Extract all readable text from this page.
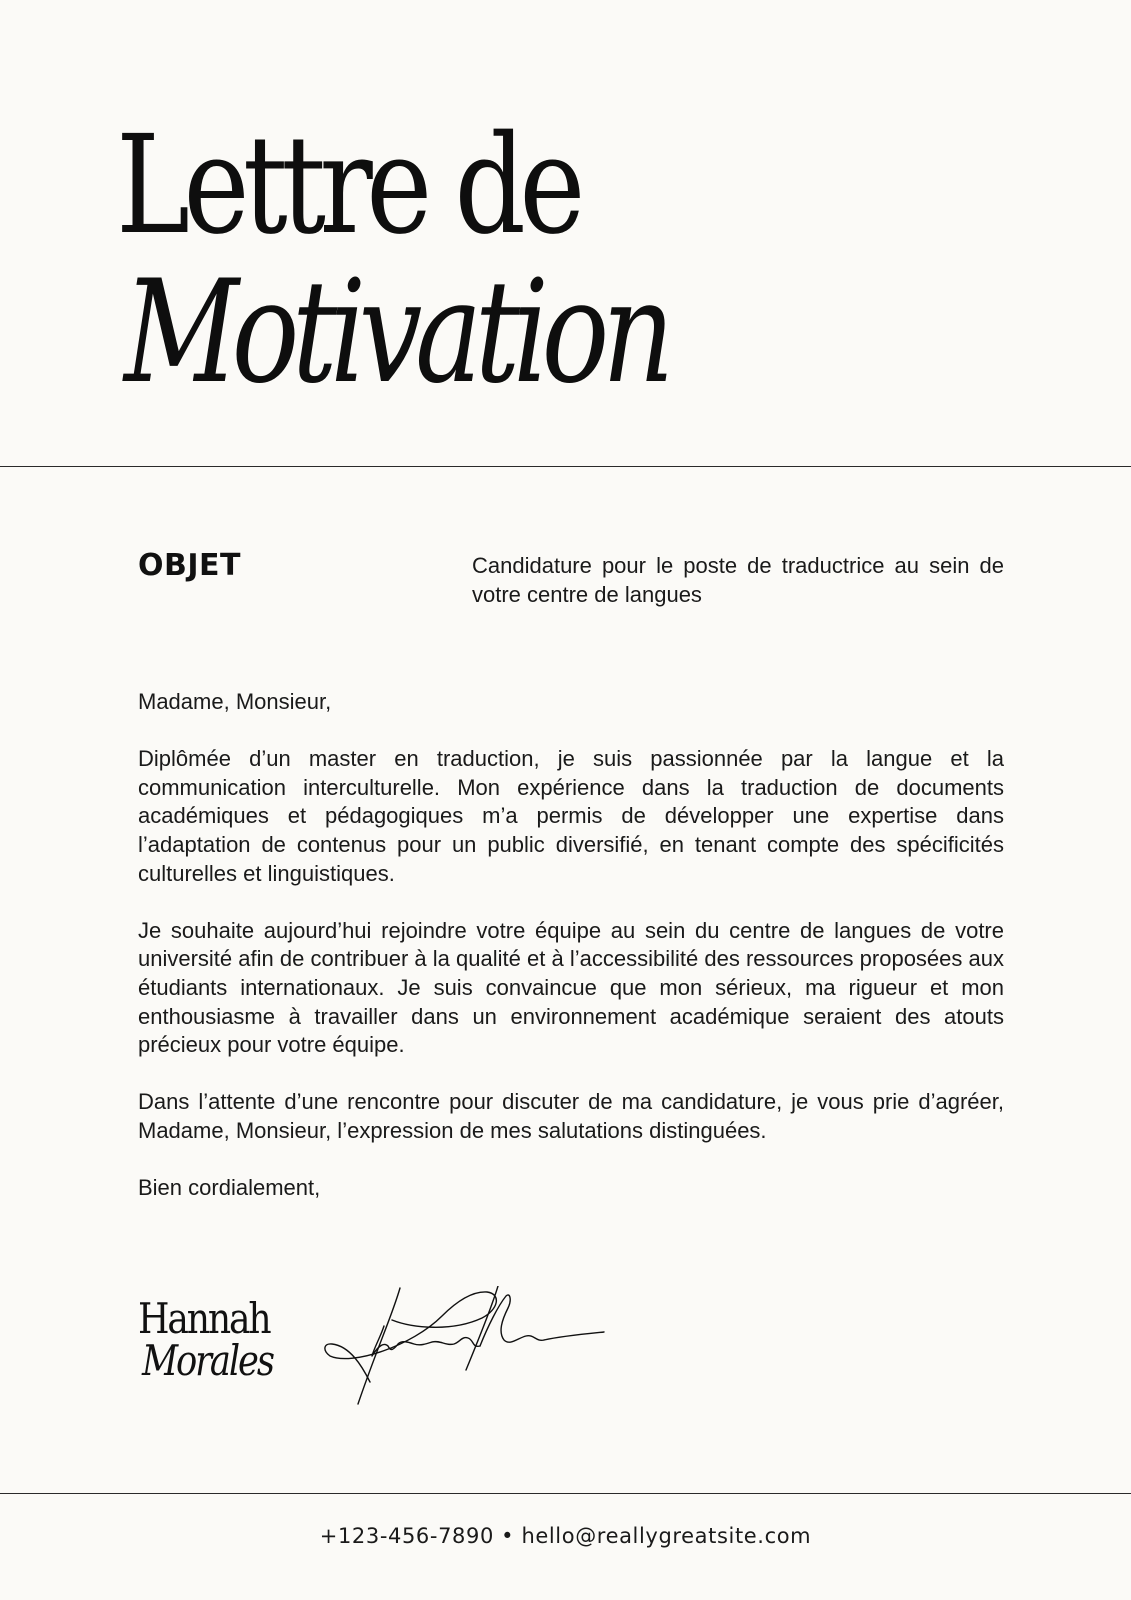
Lettre de
Motivation
OBJET	Candidature pour le poste de traductrice au sein de votre centre de langues

Madame, Monsieur,

Diplômée d’un master en traduction, je suis passionnée par la langue et la communication interculturelle. Mon expérience dans la traduction de documents académiques et pédagogiques m’a permis de développer une expertise dans l’adaptation de contenus pour un public diversifié, en tenant compte des spécificités culturelles et linguistiques.

Je souhaite aujourd’hui rejoindre votre équipe au sein du centre de langues de votre université afin de contribuer à la qualité et à l’accessibilité des ressources proposées aux étudiants internationaux. Je suis convaincue que mon sérieux, ma rigueur et mon enthousiasme à travailler dans un environnement académique seraient des atouts précieux pour votre équipe.

Dans l’attente d’une rencontre pour discuter de ma candidature, je vous prie d’agréer, Madame, Monsieur, l’expression de mes salutations distinguées.

Bien cordialement,

Hannah
Morales
+123-456-7890 • hello@reallygreatsite.com
